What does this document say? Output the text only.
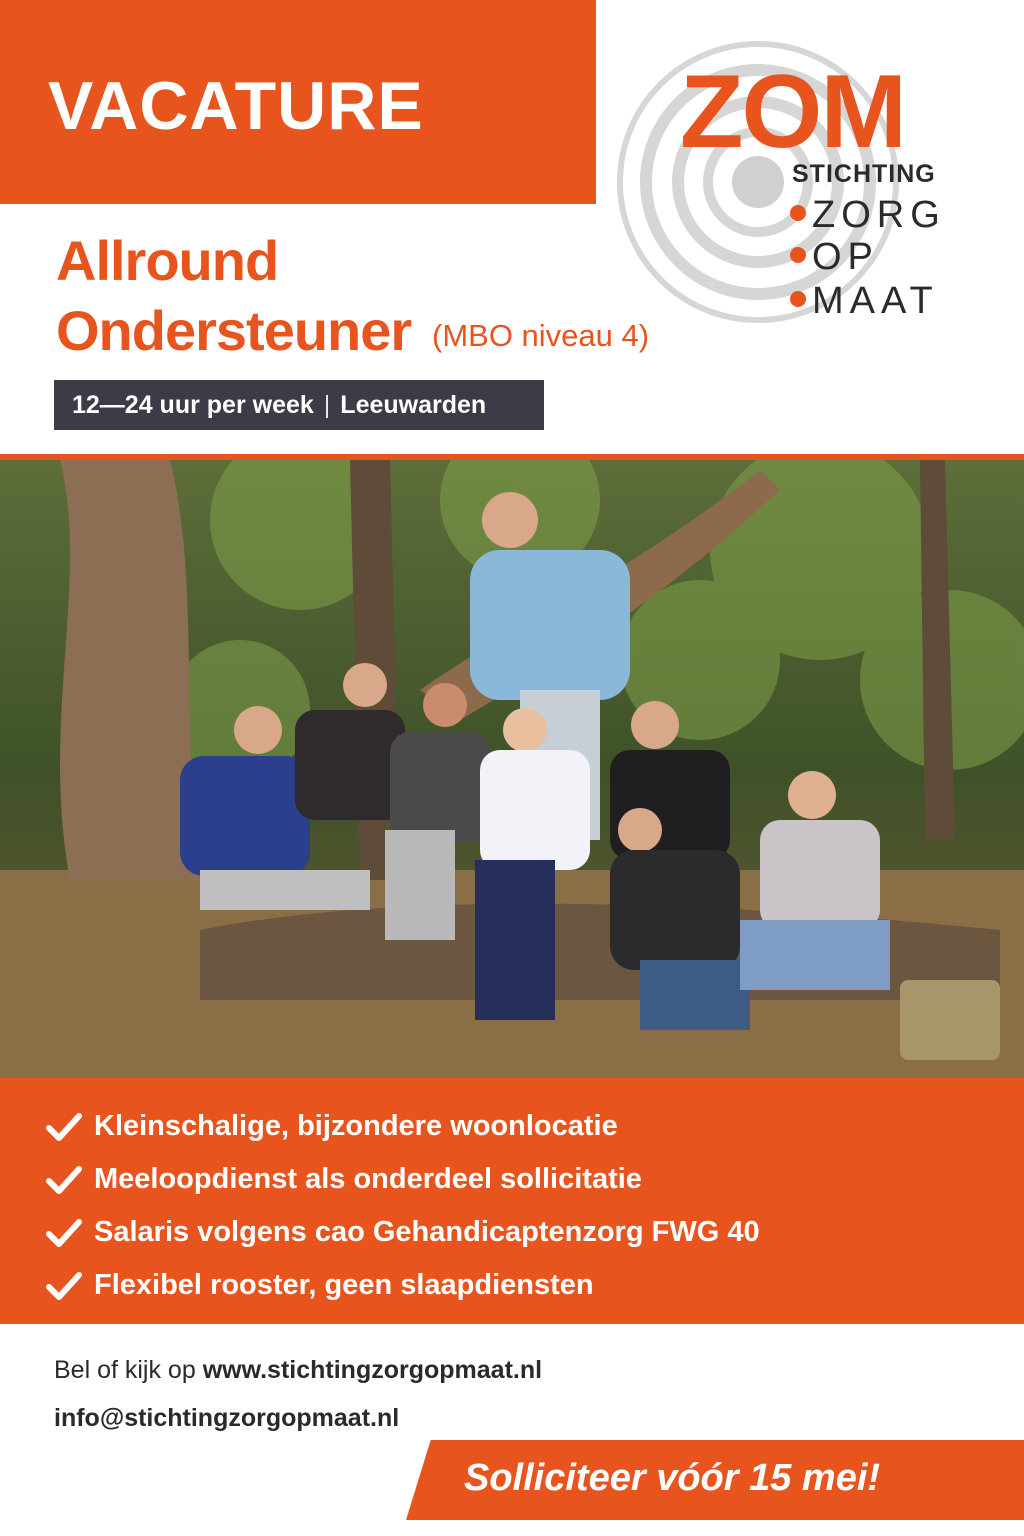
VACATURE ZOM
STICHTING
ZORG
OP
MAAT
Allround
Ondersteuner (MBO niveau 4)
12—24 uur per week | Leeuwarden
Kleinschalige, bijzondere woonlocatie
Meeloopdienst als onderdeel sollicitatie
Salaris volgens cao Gehandicaptenzorg FWG 40
Flexibel rooster, geen slaapdiensten
Bel of kijk op www.stichtingzorgopmaat.nl
info@stichtingzorgopmaat.nl
Solliciteer vóór 15 mei!
